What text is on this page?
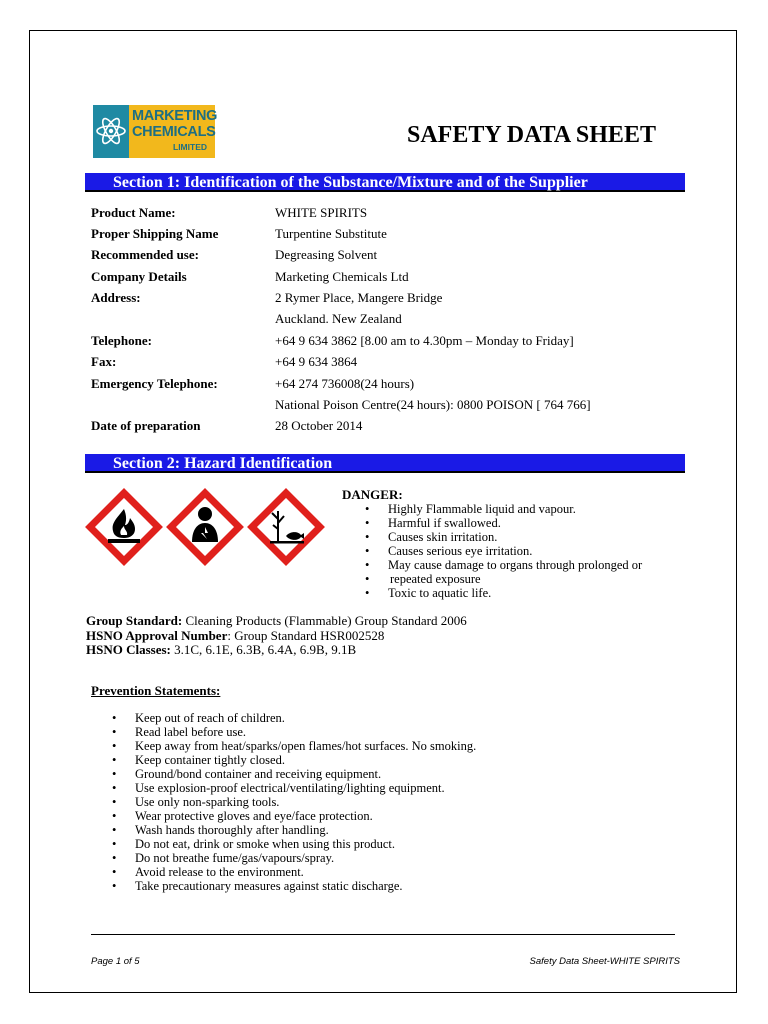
MARKETING
CHEMICALS
LIMITED	SAFETY DATA SHEET
Section 1: Identification of the Substance/Mixture and of the Supplier
Product Name:	WHITE SPIRITS
Proper Shipping Name	Turpentine Substitute
Recommended use:	Degreasing Solvent
Company Details	Marketing Chemicals Ltd
Address:	2 Rymer Place, Mangere Bridge
Auckland. New Zealand
Telephone:	+64 9 634 3862 [8.00 am to 4.30pm – Monday to Friday]
Fax:	+64 9 634 3864
Emergency Telephone:	+64 274 736008(24 hours)
National Poison Centre(24 hours): 0800 POISON [ 764 766]
Date of preparation	28 October 2014
Section 2: Hazard Identification
DANGER:
• Highly Flammable liquid and vapour.
• Harmful if swallowed.
• Causes skin irritation.
• Causes serious eye irritation.
• May cause damage to organs through prolonged or
• repeated exposure
• Toxic to aquatic life.
Group Standard: Cleaning Products (Flammable) Group Standard 2006
HSNO Approval Number: Group Standard HSR002528
HSNO Classes: 3.1C, 6.1E, 6.3B, 6.4A, 6.9B, 9.1B
Prevention Statements:
• Keep out of reach of children.
• Read label before use.
• Keep away from heat/sparks/open flames/hot surfaces. No smoking.
• Keep container tightly closed.
• Ground/bond container and receiving equipment.
• Use explosion-proof electrical/ventilating/lighting equipment.
• Use only non-sparking tools.
• Wear protective gloves and eye/face protection.
• Wash hands thoroughly after handling.
• Do not eat, drink or smoke when using this product.
• Do not breathe fume/gas/vapours/spray.
• Avoid release to the environment.
• Take precautionary measures against static discharge.
Page 1 of 5	Safety Data Sheet-WHITE SPIRITS
